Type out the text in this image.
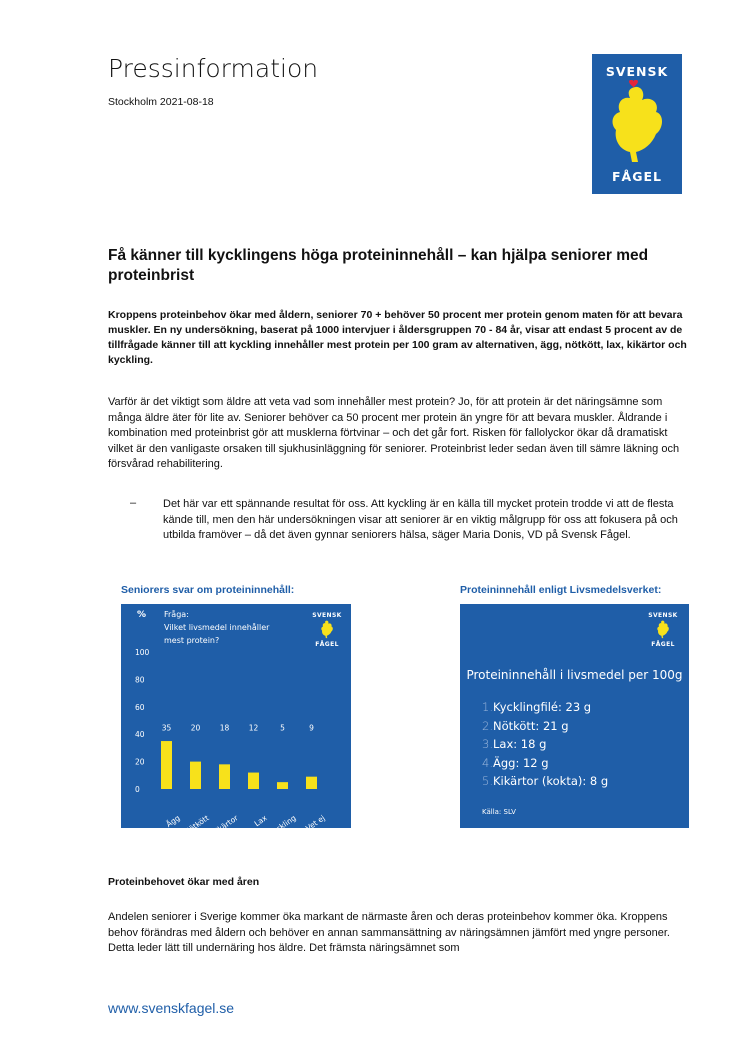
Pressinformation
Stockholm 2021-08-18
SVENSK
FÅGEL
Få känner till kycklingens höga proteininnehåll – kan hjälpa seniorer med proteinbrist
Kroppens proteinbehov ökar med åldern, seniorer 70 + behöver 50 procent mer protein genom maten för att bevara muskler. En ny undersökning, baserat på 1000 intervjuer i åldersgruppen 70 - 84 år, visar att endast 5 procent av de tillfrågade känner till att kyckling innehåller mest protein per 100 gram av alternativen, ägg, nötkött, lax, kikärtor och kyckling.
Varför är det viktigt som äldre att veta vad som innehåller mest protein? Jo, för att protein är det näringsämne som många äldre äter för lite av. Seniorer behöver ca 50 procent mer protein än yngre för att bevara muskler. Åldrande i kombination med proteinbrist gör att musklerna förtvinar – och det går fort. Risken för fallolyckor ökar då dramatiskt vilket är den vanligaste orsaken till sjukhusinläggning för seniorer. Proteinbrist leder sedan även till sämre läkning och försvårad rehabilitering.
– Det här var ett spännande resultat för oss. Att kyckling är en källa till mycket protein trodde vi att de flesta kände till, men den här undersökningen visar att seniorer är en viktig målgrupp för oss att fokusera på och utbilda framöver – då det även gynnar seniorers hälsa, säger Maria Donis, VD på Svensk Fågel.
Seniorers svar om proteininnehåll:	Proteininnehåll enligt Livsmedelsverket:
% Fråga:
Vilket livsmedel innehåller
mest protein?
0
20
40
60
80
100
35
Ägg
20
Nötkött
18
Kikärtor
12
Lax
5
Kyckling
9
Vet ej
SVENSK
FÅGEL
SVENSK
FÅGEL
Proteininnehåll i livsmedel per 100g
1.Kycklingfilé: 23 g
2.Nötkött: 21 g
3.Lax: 18 g
4.Ägg: 12 g
5.Kikärtor (kokta): 8 g
Källa: SLV
Proteinbehovet ökar med åren
Andelen seniorer i Sverige kommer öka markant de närmaste åren och deras proteinbehov kommer öka. Kroppens behov förändras med åldern och behöver en annan sammansättning av näringsämnen jämfört med yngre personer. Detta leder lätt till undernäring hos äldre. Det främsta näringsämnet som
www.svenskfagel.se
